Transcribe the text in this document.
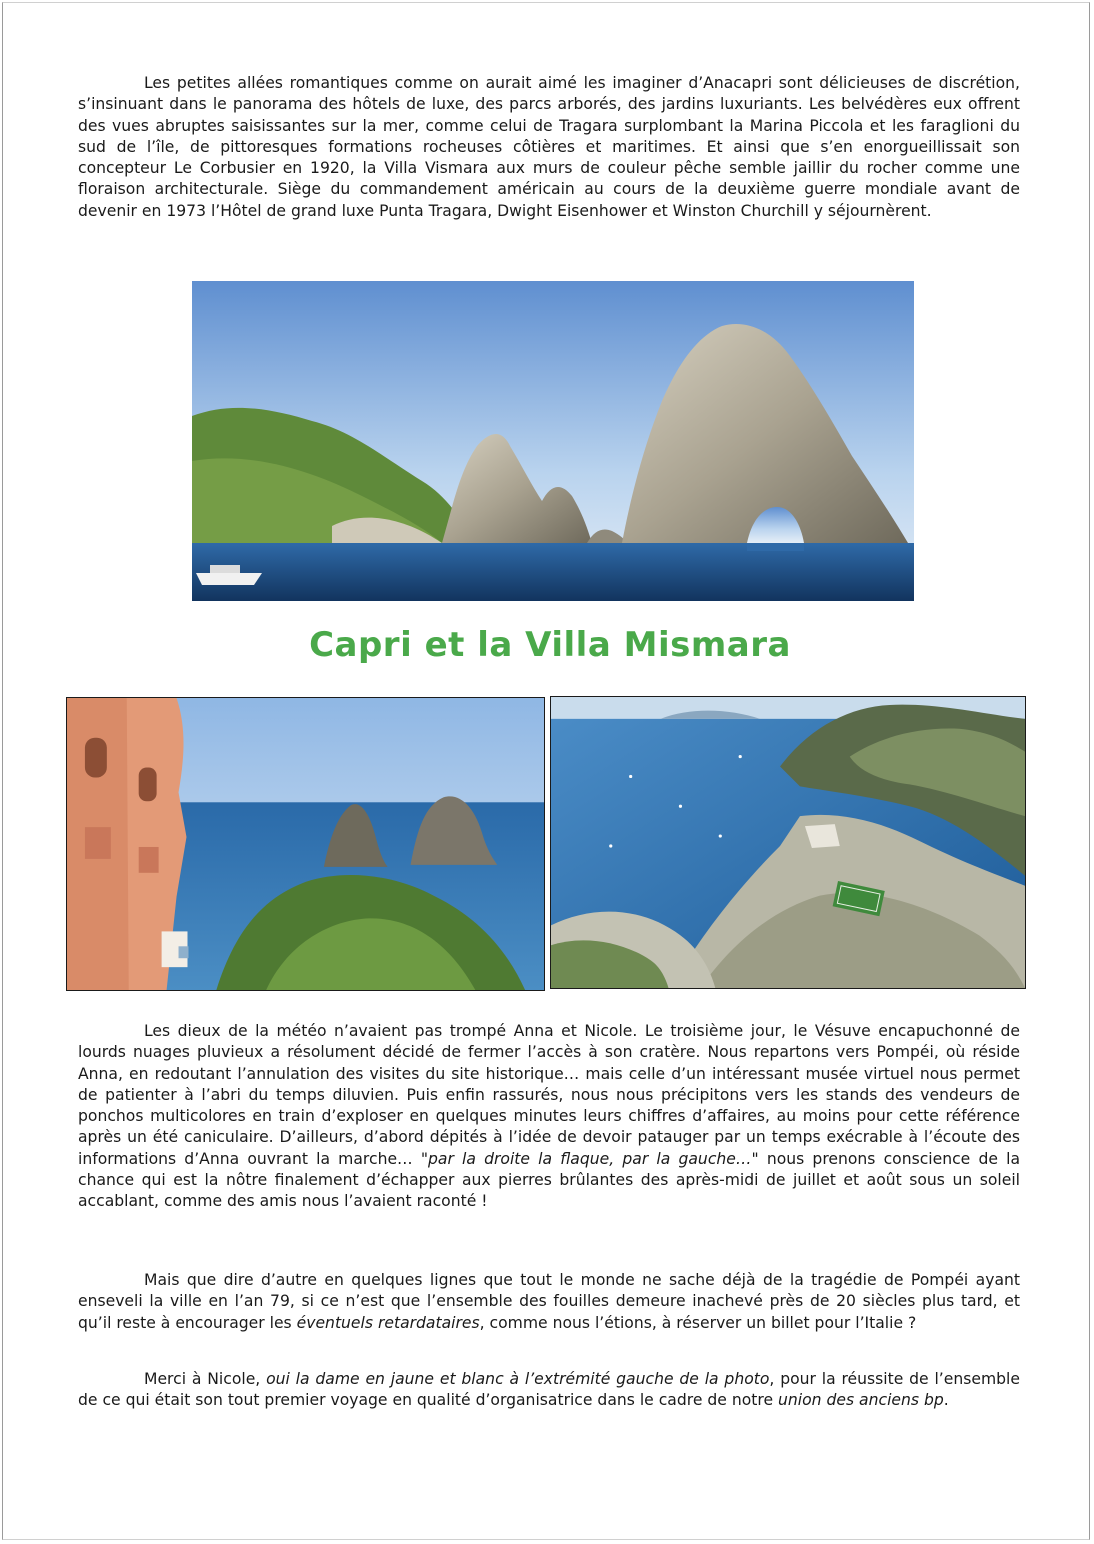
Les petites allées romantiques comme on aurait aimé les imaginer d’Anacapri sont délicieuses de discrétion, s’insinuant dans le panorama des hôtels de luxe, des parcs arborés, des jardins luxuriants. Les belvédères eux offrent des vues abruptes saisissantes sur la mer, comme celui de Tragara surplombant la Marina Piccola et les faraglioni du sud de l’île, de pittoresques formations rocheuses côtières et maritimes. Et ainsi que s’en enorgueillissait son concepteur Le Corbusier en 1920, la Villa Vismara aux murs de couleur pêche semble jaillir du rocher comme une floraison architecturale. Siège du commandement américain au cours de la deuxième guerre mondiale avant de devenir en 1973 l’Hôtel de grand luxe Punta Tragara, Dwight Eisenhower et Winston Churchill y séjournèrent.

Capri et la Villa Mismara

Les dieux de la météo n’avaient pas trompé Anna et Nicole. Le troisième jour, le Vésuve encapuchonné de lourds nuages pluvieux a résolument décidé de fermer l’accès à son cratère. Nous repartons vers Pompéi, où réside Anna, en redoutant l’annulation des visites du site historique… mais celle d’un intéressant musée virtuel nous permet de patienter à l’abri du temps diluvien. Puis enfin rassurés, nous nous précipitons vers les stands des vendeurs de ponchos multicolores en train d’exploser en quelques minutes leurs chiffres d’affaires, au moins pour cette référence après un été caniculaire. D’ailleurs, d’abord dépités à l’idée de devoir patauger par un temps exécrable à l’écoute des informations d’Anna ouvrant la marche… "par la droite la flaque, par la gauche…" nous prenons conscience de la chance qui est la nôtre finalement d’échapper aux pierres brûlantes des après-midi de juillet et août sous un soleil accablant, comme des amis nous l’avaient raconté !

Mais que dire d’autre en quelques lignes que tout le monde ne sache déjà de la tragédie de Pompéi ayant enseveli la ville en l’an 79, si ce n’est que l’ensemble des fouilles demeure inachevé près de 20 siècles plus tard, et qu’il reste à encourager les éventuels retardataires, comme nous l’étions, à réserver un billet pour l’Italie ?

Merci à Nicole, oui la dame en jaune et blanc à l’extrémité gauche de la photo, pour la réussite de l’ensemble de ce qui était son tout premier voyage en qualité d’organisatrice dans le cadre de notre union des anciens bp.
